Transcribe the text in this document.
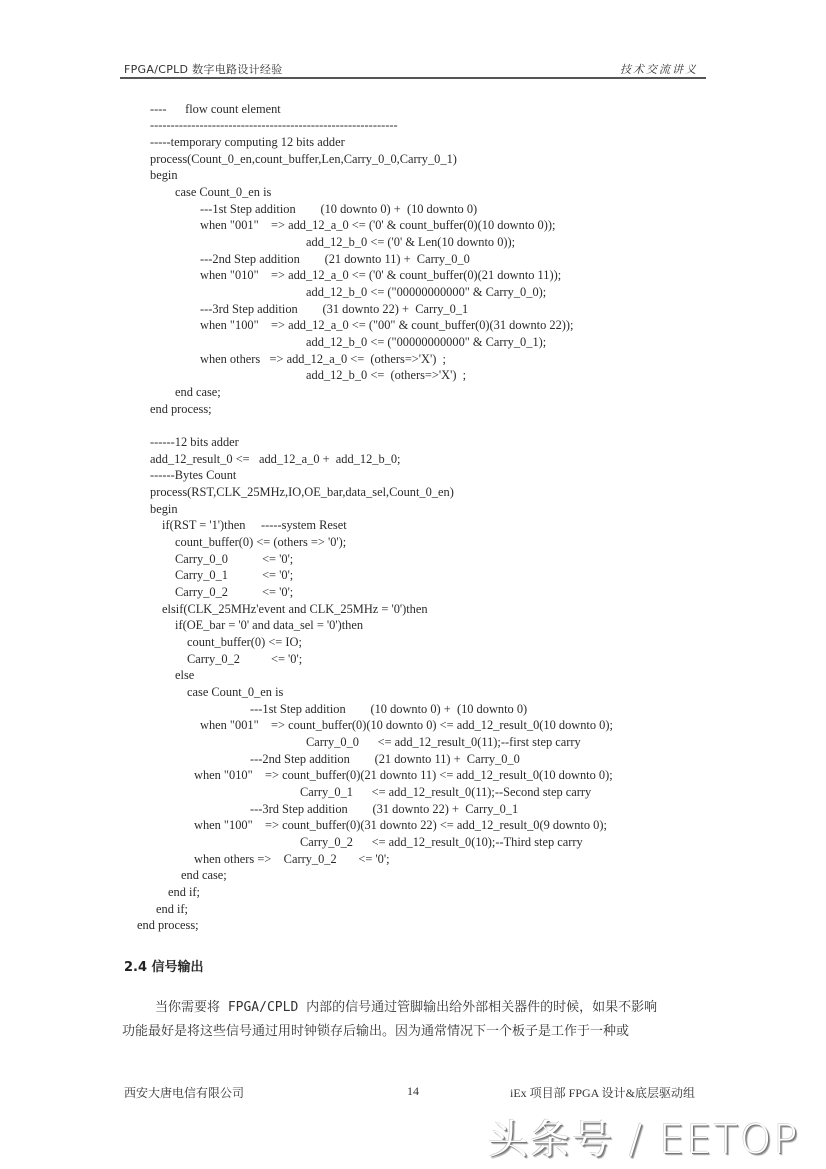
FPGA/CPLD 数字电路设计经验	技术交流讲义
----      flow count element
------------------------------------------------------------
-----temporary computing 12 bits adder
process(Count_0_en,count_buffer,Len,Carry_0_0,Carry_0_1)
begin
case Count_0_en is
---1st Step addition        (10 downto 0) +  (10 downto 0)
when "001"    => add_12_a_0 <= ('0' & count_buffer(0)(10 downto 0));
add_12_b_0 <= ('0' & Len(10 downto 0));
---2nd Step addition        (21 downto 11) +  Carry_0_0
when "010"    => add_12_a_0 <= ('0' & count_buffer(0)(21 downto 11));
add_12_b_0 <= ("00000000000" & Carry_0_0);
---3rd Step addition        (31 downto 22) +  Carry_0_1
when "100"    => add_12_a_0 <= ("00" & count_buffer(0)(31 downto 22));
add_12_b_0 <= ("00000000000" & Carry_0_1);
when others   => add_12_a_0 <=  (others=>'X')  ;
add_12_b_0 <=  (others=>'X')  ;
end case;
end process;
------12 bits adder
add_12_result_0 <=   add_12_a_0 +  add_12_b_0;
------Bytes Count
process(RST,CLK_25MHz,IO,OE_bar,data_sel,Count_0_en)
begin
if(RST = '1')then     -----system Reset
count_buffer(0) <= (others => '0');
Carry_0_0           <= '0';
Carry_0_1           <= '0';
Carry_0_2           <= '0';
elsif(CLK_25MHz'event and CLK_25MHz = '0')then
if(OE_bar = '0' and data_sel = '0')then
count_buffer(0) <= IO;
Carry_0_2          <= '0';
else
case Count_0_en is
---1st Step addition        (10 downto 0) +  (10 downto 0)
when "001"    => count_buffer(0)(10 downto 0) <= add_12_result_0(10 downto 0);
Carry_0_0      <= add_12_result_0(11);--first step carry
---2nd Step addition        (21 downto 11) +  Carry_0_0
when "010"    => count_buffer(0)(21 downto 11) <= add_12_result_0(10 downto 0);
Carry_0_1      <= add_12_result_0(11);--Second step carry
---3rd Step addition        (31 downto 22) +  Carry_0_1
when "100"    => count_buffer(0)(31 downto 22) <= add_12_result_0(9 downto 0);
Carry_0_2      <= add_12_result_0(10);--Third step carry
when others =>    Carry_0_2       <= '0';
end case;
end if;
end if;
end process;
2.4 信号输出
当你需要将 FPGA/CPLD 内部的信号通过管脚输出给外部相关器件的时候，如果不影响
功能最好是将这些信号通过用时钟锁存后输出。因为通常情况下一个板子是工作于一种或
西安大唐电信有限公司	14	iEx 项目部 FPGA 设计&底层驱动组
头条号 / EETOP
